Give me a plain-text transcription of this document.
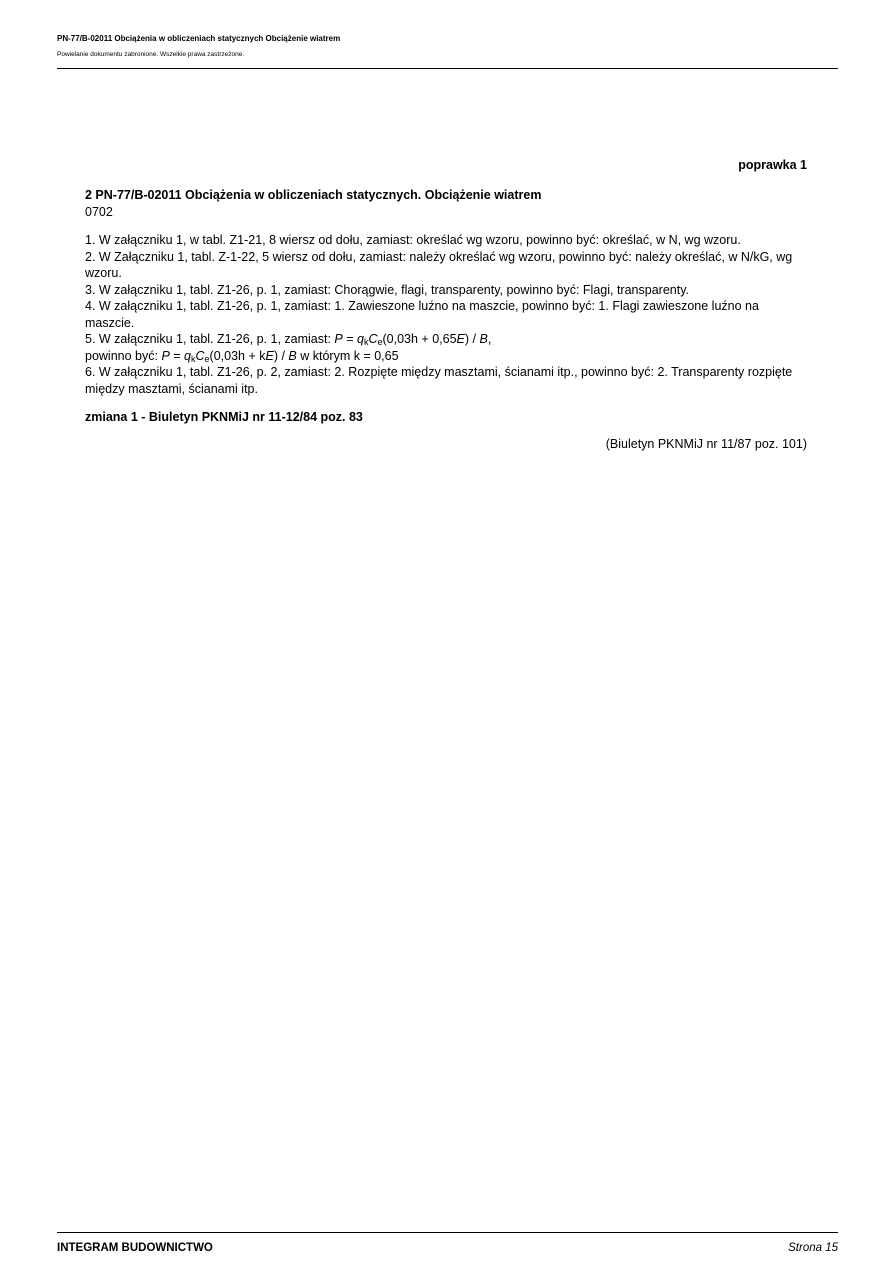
PN-77/B-02011 Obciążenia w obliczeniach statycznych Obciążenie wiatrem
Powielanie dokumentu zabronione. Wszelkie prawa zastrzeżone.
poprawka 1

2 PN-77/B-02011 Obciążenia w obliczeniach statycznych. Obciążenie wiatrem

0702

1. W załączniku 1, w tabl. Z1-21, 8 wiersz od dołu, zamiast: określać wg wzoru, powinno być: określać, w N, wg wzoru.

2. W Załączniku 1, tabl. Z-1-22, 5 wiersz od dołu, zamiast: należy określać wg wzoru, powinno być: należy określać, w N/kG, wg wzoru.

3. W załączniku 1, tabl. Z1-26, p. 1, zamiast: Chorągwie, flagi, transparenty, powinno być: Flagi, transparenty.

4. W załączniku 1, tabl. Z1-26, p. 1, zamiast: 1. Zawieszone luźno na maszcie, powinno być: 1. Flagi zawieszone luźno na maszcie.

5. W załączniku 1, tabl. Z1-26, p. 1, zamiast: $P = q_kC_e(0,03h + 0,65E) / B$,
powinno być: $P = q_kC_e(0,03h + kE) / B$ w którym k = 0,65

6. W załączniku 1, tabl. Z1-26, p. 2, zamiast: 2. Rozpięte między masztami, ścianami itp., powinno być: 2. Transparenty rozpięte między masztami, ścianami itp.

zmiana 1 - Biuletyn PKNMiJ nr 11-12/84 poz. 83

(Biuletyn PKNMiJ nr 11/87 poz. 101)

INTEGRAM BUDOWNICTWO	Strona 15
